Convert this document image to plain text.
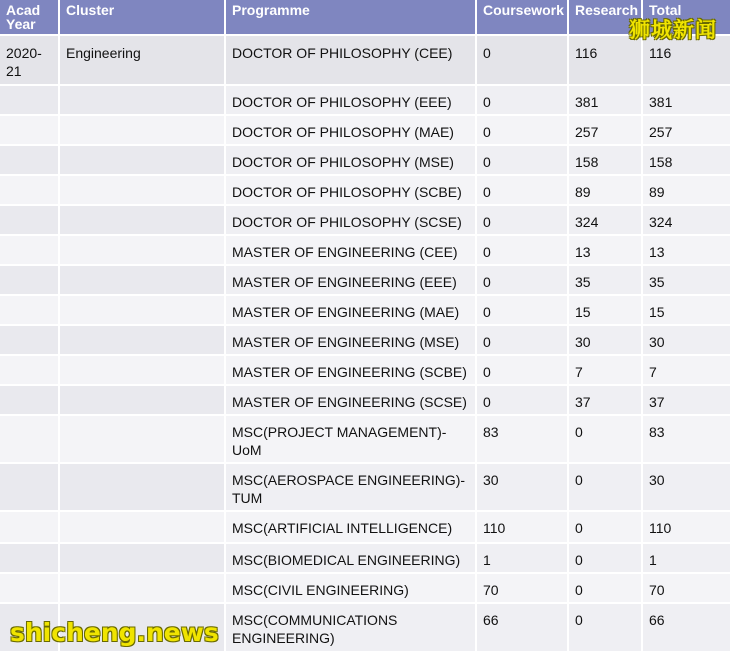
Acad Year	Cluster	Programme	Coursework	Research	Total
2020-21	Engineering	DOCTOR OF PHILOSOPHY (CEE)	0	116	116
		DOCTOR OF PHILOSOPHY (EEE)	0	381	381
		DOCTOR OF PHILOSOPHY (MAE)	0	257	257
		DOCTOR OF PHILOSOPHY (MSE)	0	158	158
		DOCTOR OF PHILOSOPHY (SCBE)	0	89	89
		DOCTOR OF PHILOSOPHY (SCSE)	0	324	324
		MASTER OF ENGINEERING (CEE)	0	13	13
		MASTER OF ENGINEERING (EEE)	0	35	35
		MASTER OF ENGINEERING (MAE)	0	15	15
		MASTER OF ENGINEERING (MSE)	0	30	30
		MASTER OF ENGINEERING (SCBE)	0	7	7
		MASTER OF ENGINEERING (SCSE)	0	37	37
		MSC(PROJECT MANAGEMENT)-UoM	83	0	83
		MSC(AEROSPACE ENGINEERING)-TUM	30	0	30
		MSC(ARTIFICIAL INTELLIGENCE)	110	0	110
		MSC(BIOMEDICAL ENGINEERING)	1	0	1
		MSC(CIVIL ENGINEERING)	70	0	70
		MSC(COMMUNICATIONS ENGINEERING)	66	0	66
狮城新闻
shicheng.news
